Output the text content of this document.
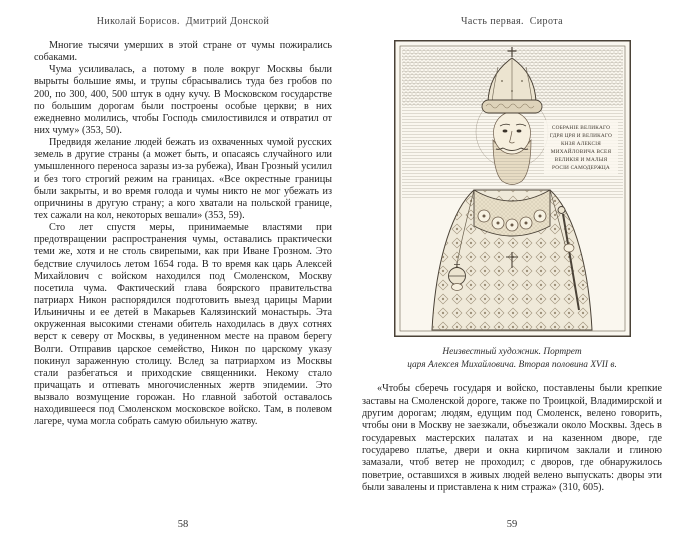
Николай Борисов.  Дмитрий Донской

Многие тысячи умерших в этой стране от чумы пожирались собаками.

Чума усиливалась, а потому в поле вокруг Москвы были вырыты большие ямы, и трупы сбрасывались туда без гробов по 200, по 300, 400, 500 штук в одну кучу. В Московском государстве по большим дорогам были построены особые церкви; в них ежедневно молились, чтобы Господь смилостивился и отвратил от них чуму» (353, 50).

Предвидя желание людей бежать из охваченных чумой русских земель в другие страны (а может быть, и опасаясь случайного или умышленного переноса заразы из-за рубежа), Иван Грозный усилил и без того строгий режим на границах. «Все окрестные границы были закрыты, и во время голода и чумы никто не мог убежать из опричнины в другую страну; а кого хватали на польской границе, тех сажали на кол, некоторых вешали» (353, 59).

Сто лет спустя меры, принимаемые властями при предотвращении распространения чумы, оставались практически теми же, хотя и не столь свирепыми, как при Иване Грозном. Это бедствие случилось летом 1654 года. В то время как царь Алексей Михайлович с войском находился под Смоленском, Москву посетила чума. Фактический глава боярского правительства патриарх Никон распорядился подготовить выезд царицы Марии Ильиничны и ее детей в Макарьев Калязинский монастырь. Эта окруженная высокими стенами обитель находилась в двух сотнях верст к северу от Москвы, в уединенном месте на правом берегу Волги. Отправив царское семейство, Никон по царскому указу покинул зараженную столицу. Вслед за патриархом из Москвы стали разбегаться и приходские священники. Некому стало причащать и отпевать многочисленных жертв эпидемии. Это вызвало возмущение горожан. Но главной заботой оставалось находившееся под Смоленском московское войско. Там, в полевом лагере, чума могла собрать самую обильную жатву.

58
Часть первая.  Сирота
СОБРАНІЕ ВЕЛИКАГО
ГДРЯ ЦРЯ И ВЕЛИКАГО
КНЗЯ АЛЕКСІЯ
МИХАЙЛОВИЧА ВСЕЯ
ВЕЛИКІЯ И МАЛЫЯ
РОСІИ САМОДЕРЖЦА
Неизвестный художник. Портрет
царя Алексея Михайловича. Вторая половина XVII в.

«Чтобы сберечь государя и войско, поставлены были крепкие заставы на Смоленской дороге, также по Троицкой, Владимирской и другим дорогам; людям, едущим под Смоленск, велено говорить, чтобы они в Москву не заезжали, объезжали около Москвы. Здесь в государевых мастерских палатах и на казенном дворе, где государево платье, двери и окна кирпичом заклали и глиною замазали, чтоб ветер не проходил; с дворов, где обнаружилось поветрие, оставшихся в живых людей велено выпускать: дворы эти были завалены и приставлена к ним стража» (310, 605).

59
